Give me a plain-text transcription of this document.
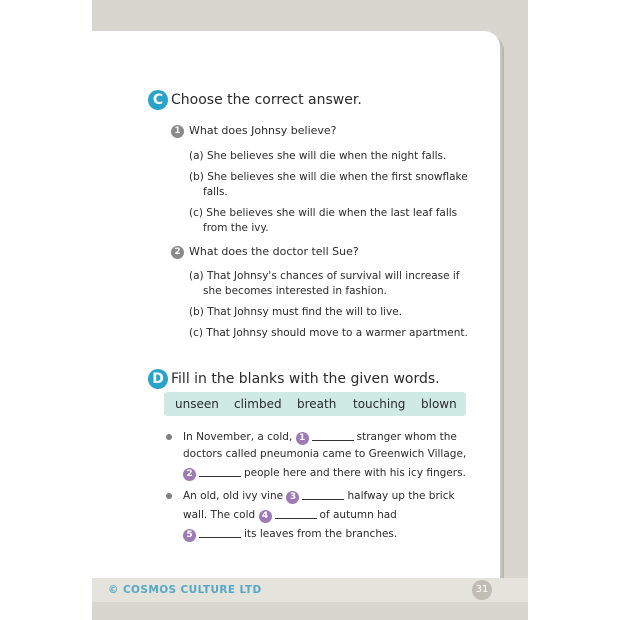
C Choose the correct answer.
1 What does Johnsy believe?
(a) She believes she will die when the night falls.
(b) She believes she will die when the first snowflake
falls.
(c) She believes she will die when the last leaf falls
from the ivy.
2 What does the doctor tell Sue?
(a) That Johnsy's chances of survival will increase if
she becomes interested in fashion.
(b) That Johnsy must find the will to live.
(c) That Johnsy should move to a warmer apartment.
D Fill in the blanks with the given words.
unseen climbed breath touching blown
In November, a cold, 1	stranger whom the
doctors called pneumonia came to Greenwich Village,
2	people here and there with his icy fingers.
An old, old ivy vine 3	halfway up the brick
wall. The cold 4	of autumn had
5	its leaves from the branches.
© COSMOS CULTURE LTD	31
